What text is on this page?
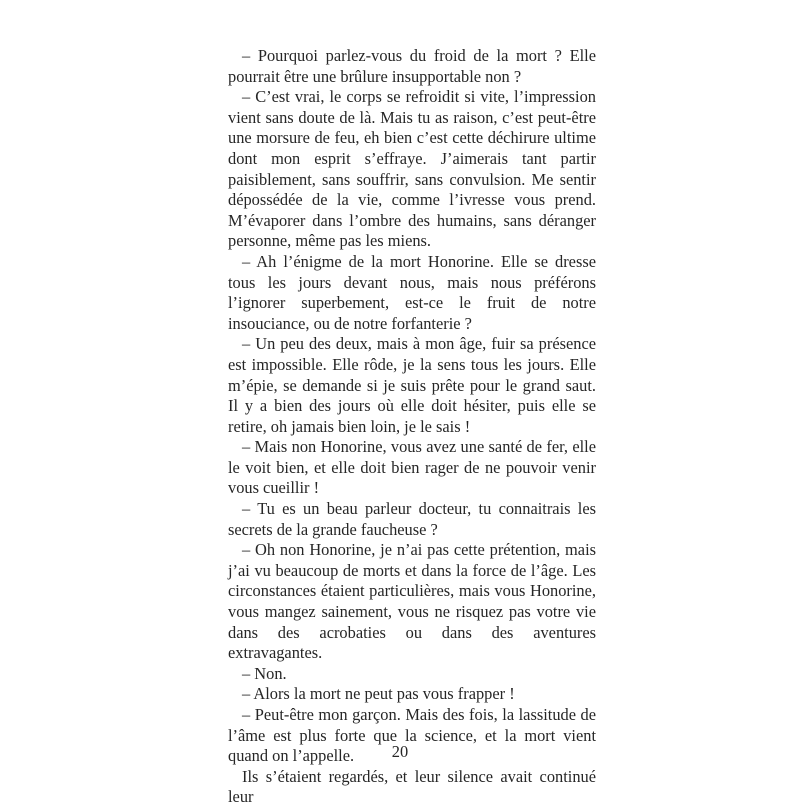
– Pourquoi parlez-vous du froid de la mort ? Elle pourrait être une brûlure insupportable non ?

– C’est vrai, le corps se refroidit si vite, l’impression vient sans doute de là. Mais tu as raison, c’est peut-être une morsure de feu, eh bien c’est cette déchirure ultime dont mon esprit s’effraye. J’aimerais tant partir paisiblement, sans souffrir, sans convulsion. Me sentir dépossédée de la vie, comme l’ivresse vous prend. M’évaporer dans l’ombre des humains, sans déranger personne, même pas les miens.

– Ah l’énigme de la mort Honorine. Elle se dresse tous les jours devant nous, mais nous préférons l’ignorer superbement, est-ce le fruit de notre insouciance, ou de notre forfanterie ?

– Un peu des deux, mais à mon âge, fuir sa présence est impossible. Elle rôde, je la sens tous les jours. Elle m’épie, se demande si je suis prête pour le grand saut. Il y a bien des jours où elle doit hésiter, puis elle se retire, oh jamais bien loin, je le sais !

– Mais non Honorine, vous avez une santé de fer, elle le voit bien, et elle doit bien rager de ne pouvoir venir vous cueillir !

– Tu es un beau parleur docteur, tu connaitrais les secrets de la grande faucheuse ?

– Oh non Honorine, je n’ai pas cette prétention, mais j’ai vu beaucoup de morts et dans la force de l’âge. Les circonstances étaient particulières, mais vous Honorine, vous mangez sainement, vous ne risquez pas votre vie dans des acrobaties ou dans des aventures extravagantes.

– Non.

– Alors la mort ne peut pas vous frapper !

– Peut-être mon garçon. Mais des fois, la lassitude de l’âme est plus forte que la science, et la mort vient quand on l’appelle.

Ils s’étaient regardés, et leur silence avait continué leur

20
